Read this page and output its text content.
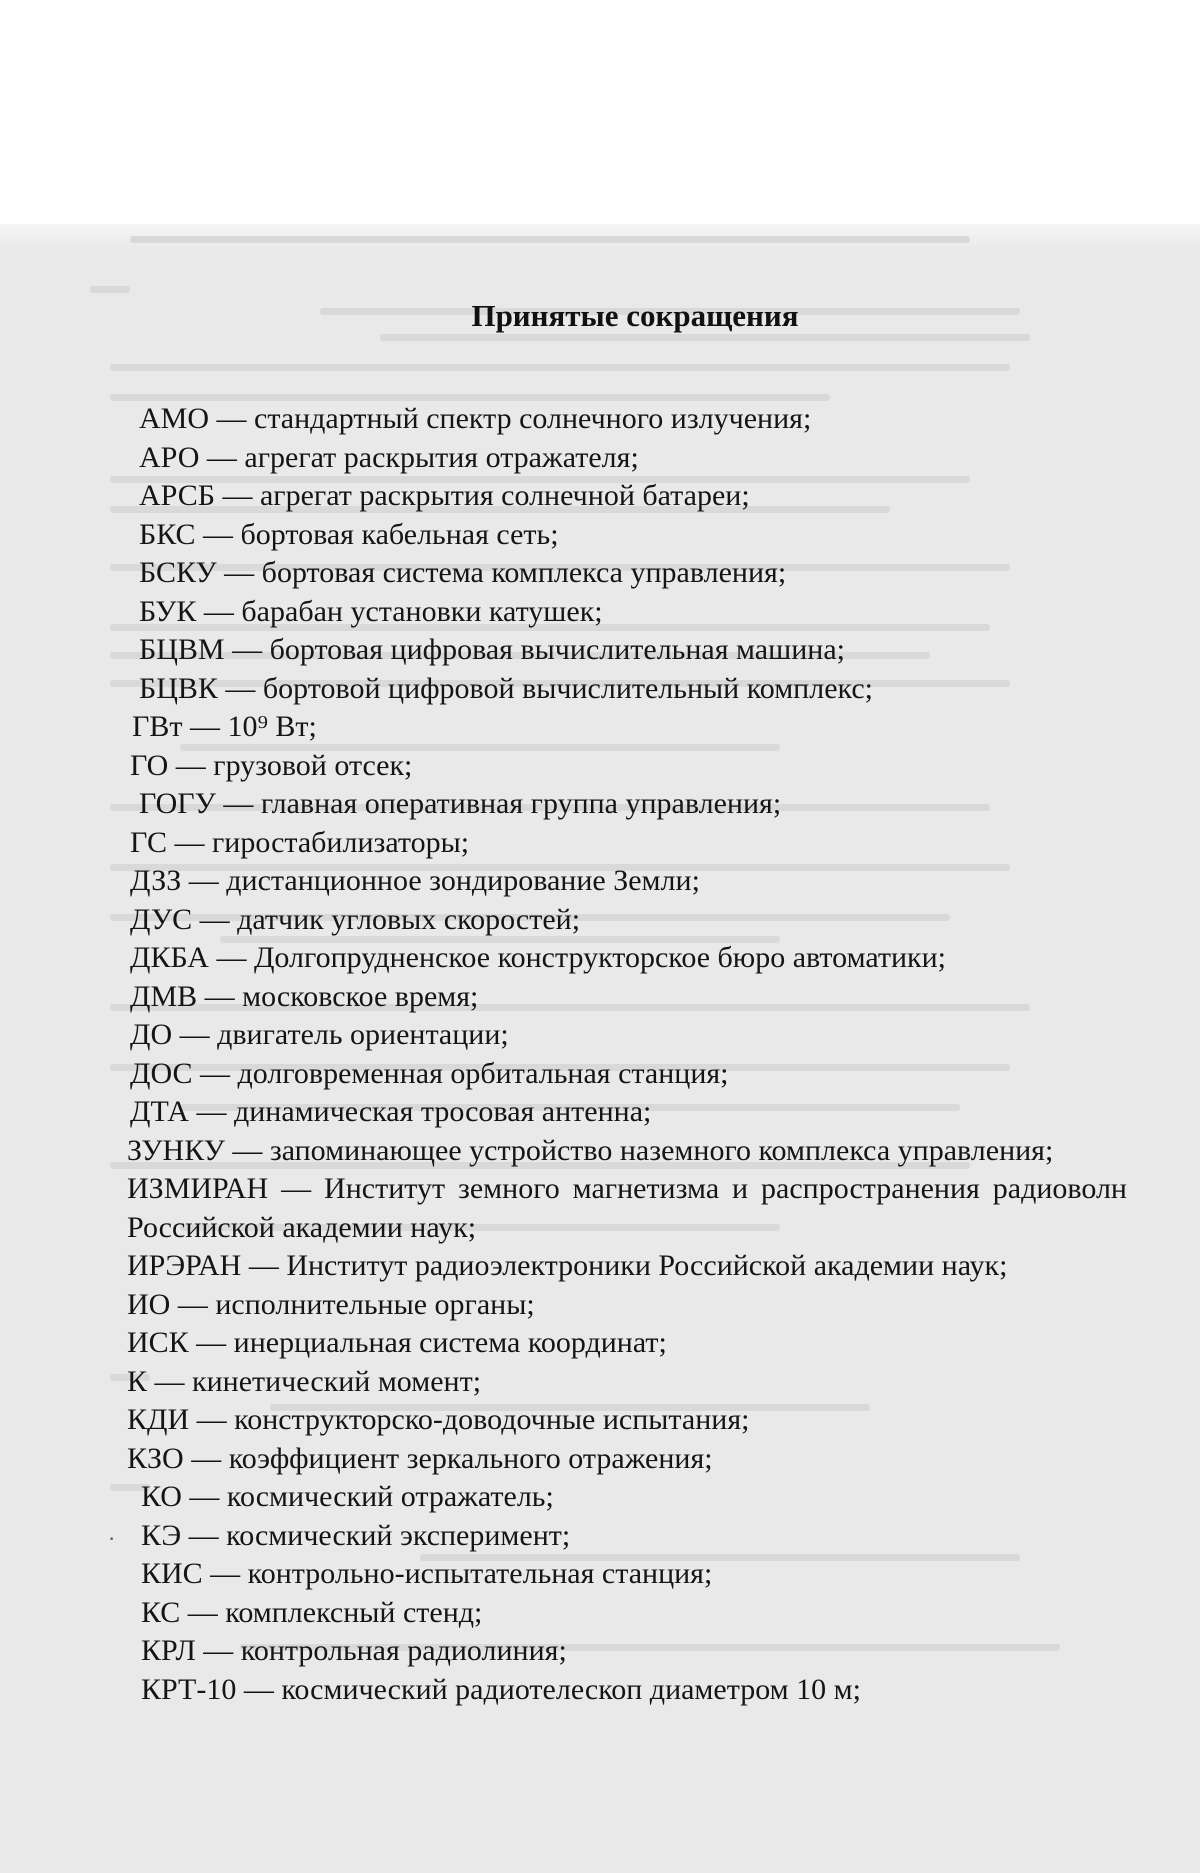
Принятые сокращения
АМО — стандартный спектр солнечного излучения;
АРО — агрегат раскрытия отражателя;
АРСБ — агрегат раскрытия солнечной батареи;
БКС — бортовая кабельная сеть;
БСКУ — бортовая система комплекса управления;
БУК — барабан установки катушек;
БЦВМ — бортовая цифровая вычислительная машина;
БЦВК — бортовой цифровой вычислительный комплекс;
ГВт — 10⁹ Вт;
ГО — грузовой отсек;
ГОГУ — главная оперативная группа управления;
ГС — гиростабилизаторы;
ДЗЗ — дистанционное зондирование Земли;
ДУС — датчик угловых скоростей;
ДКБА — Долгопрудненское конструкторское бюро автоматики;
ДМВ — московское время;
ДО — двигатель ориентации;
ДОС — долговременная орбитальная станция;
ДТА — динамическая тросовая антенна;
ЗУНКУ — запоминающее устройство наземного комплекса управления;
ИЗМИРАН — Институт земного магнетизма и распространения радиоволн Российской академии наук;
ИРЭРАН — Институт радиоэлектроники Российской академии наук;
ИО — исполнительные органы;
ИСК — инерциальная система координат;
К — кинетический момент;
КДИ — конструкторско-доводочные испытания;
КЗО — коэффициент зеркального отражения;
КО — космический отражатель;
КЭ — космический эксперимент;
КИС — контрольно-испытательная станция;
КС — комплексный стенд;
КРЛ — контрольная радиолиния;
КРТ-10 — космический радиотелескоп диаметром 10 м;
·
